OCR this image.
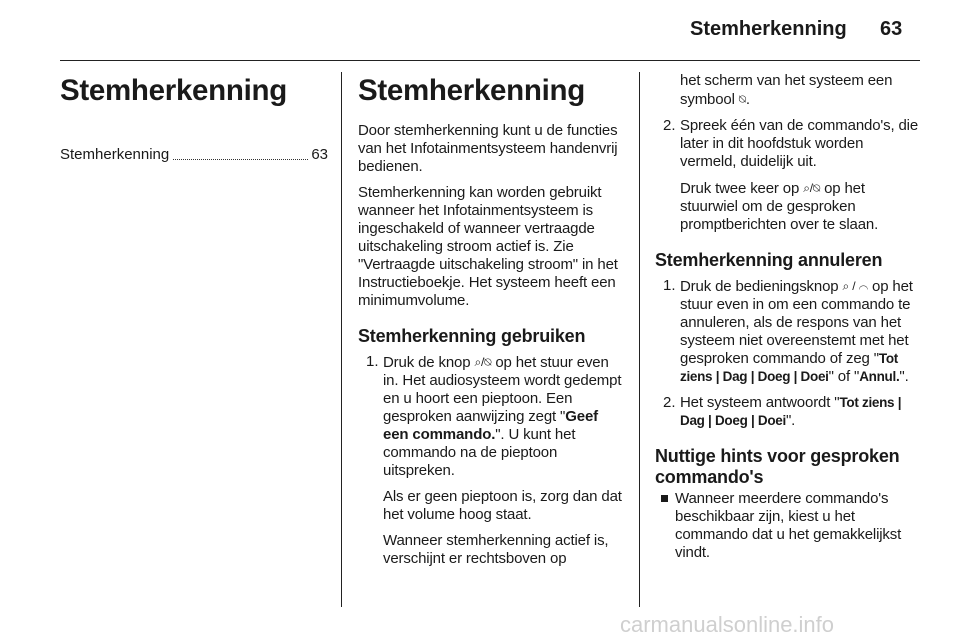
Stemherkenning 63
Stemherkenning
Stemherkenning	63
Stemherkenning

Door stemherkenning kunt u de functies van het Infotainmentsysteem handenvrij bedienen.

Stemherkenning kan worden gebruikt wanneer het Infotainmentsysteem is ingeschakeld of wanneer vertraagde uitschakeling stroom actief is. Zie "Vertraagde uitschakeling stroom" in het Instructieboekje. Het systeem heeft een minimumvolume.

Stemherkenning gebruiken
1. Druk de knop ⌕/⍉ op het stuur even in. Het audiosysteem wordt gedempt en u hoort een pieptoon. Een gesproken aanwijzing zegt "Geef een commando.". U kunt het commando na de pieptoon uitspreken.

Als er geen pieptoon is, zorg dan dat het volume hoog staat.

Wanneer stemherkenning actief is, verschijnt er rechtsboven op

het scherm van het systeem een symbool ⍉.

2. Spreek één van de commando's, die later in dit hoofdstuk worden vermeld, duidelijk uit.

Druk twee keer op ⌕/⍉ op het stuurwiel om de gesproken promptberichten over te slaan.

Stemherkenning annuleren
1. Druk de bedieningsknop ⌕ / ⌒ op het stuur even in om een commando te annuleren, als de respons van het systeem niet overeenstemt met het gesproken commando of zeg "Tot ziens | Dag | Doeg | Doei" of "Annul.".

2. Het systeem antwoordt "Tot ziens | Dag | Doeg | Doei".

Nuttige hints voor gesproken commando's

Wanneer meerdere commando's beschikbaar zijn, kiest u het commando dat u het gemakkelijkst vindt.

carmanualsonline.info
